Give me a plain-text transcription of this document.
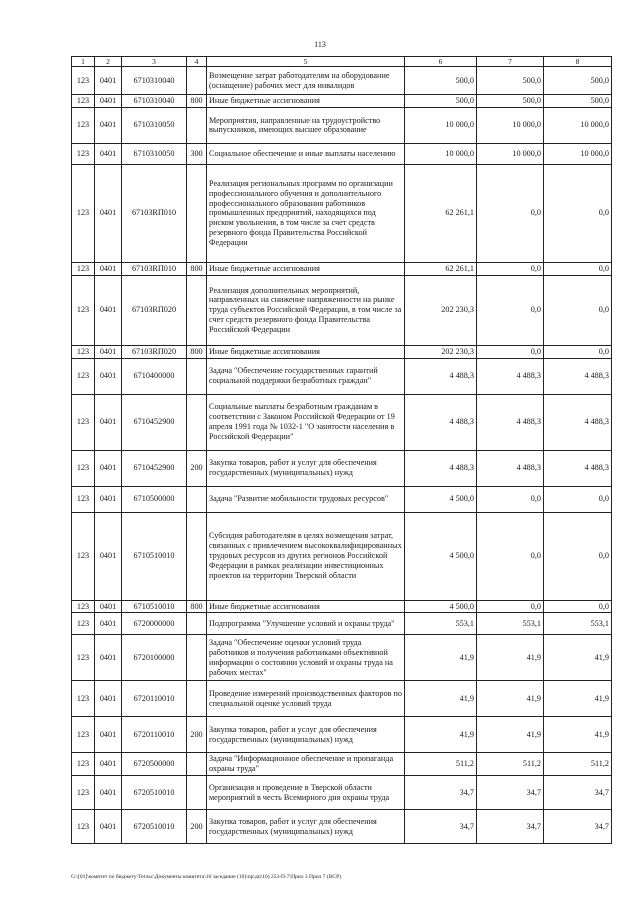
113
1	2	3	4	5	6	7	8
123	0401	6710310040		Возмещение затрат работодателям на оборудование (оснащение) рабочих мест для инвалидов	500,0	500,0	500,0
123	0401	6710310040	800	Иные бюджетные ассигнования	500,0	500,0	500,0
123	0401	6710310050		Мероприятия, направленные на трудоустройство выпускников, имеющих высшее образование	10 000,0	10 000,0	10 000,0
123	0401	6710310050	300	Социальное обеспечение и иные выплаты населению	10 000,0	10 000,0	10 000,0
123	0401	67103RП010		Реализация региональных программ по организации профессионального обучения и дополнительного профессионального образования работников промышленных предприятий, находящихся под риском увольнения, в том числе за счет средств резервного фонда Правительства Российской Федерации	62 261,1	0,0	0,0
123	0401	67103RП010	800	Иные бюджетные ассигнования	62 261,1	0,0	0,0
123	0401	67103RП020		Реализация дополнительных мероприятий, направленных на снижение напряженности на рынке труда субъектов Российской Федерации, в том числе за счет средств резервного фонда Правительства Российской Федерации	202 230,3	0,0	0,0
123	0401	67103RП020	800	Иные бюджетные ассигнования	202 230,3	0,0	0,0
123	0401	6710400000		Задача "Обеспечение государственных гарантий социальной поддержки безработных граждан"	4 488,3	4 488,3	4 488,3
123	0401	6710452900		Социальные выплаты безработным гражданам в соответствии с Законом Российской Федерации от 19 апреля 1991 года № 1032-1 "О занятости населения в Российской Федерации"	4 488,3	4 488,3	4 488,3
123	0401	6710452900	200	Закупка товаров, работ и услуг для обеспечения государственных (муниципальных) нужд	4 488,3	4 488,3	4 488,3
123	0401	6710500000		Задача "Развитие мобильности трудовых ресурсов"	4 500,0	0,0	0,0
123	0401	6710510010		Субсидия работодателям в целях возмещения затрат, связанных с привлечением высококвалифицированных трудовых ресурсов из других регионов Российской Федерации в рамках реализации инвестиционных проектов на территории Тверской области	4 500,0	0,0	0,0
123	0401	6710510010	800	Иные бюджетные ассигнования	4 500,0	0,0	0,0
123	0401	6720000000		Подпрограмма "Улучшение условий и охраны труда"	553,1	553,1	553,1
123	0401	6720100000		Задача "Обеспечение оценки условий труда работников и получения работниками объективной информации о состоянии условий и охраны труда на рабочих местах"	41,9	41,9	41,9
123	0401	6720110010		Проведение измерений производственных факторов по специальной оценке условий труда	41,9	41,9	41,9
123	0401	6720110010	200	Закупка товаров, работ и услуг для обеспечения государственных (муниципальных) нужд	41,9	41,9	41,9
123	0401	6720500000		Задача "Информационное обеспечение и пропаганда охраны труда"	511,2	511,2	511,2
123	0401	6720510010		Организация и проведение в Тверской области мероприятий в честь Всемирного дня охраны труда	34,7	34,7	34,7
123	0401	6720510010	200	Закупка товаров, работ и услуг для обеспечения государственных (муниципальных) нужд	34,7	34,7	34,7
G:\[01]\комитет по бюджету\Тегльс\Документы комитета\16 заседание (10)\пр\дп\16) 253-П-7\Прил 3 Прил 7 (ВСР)
